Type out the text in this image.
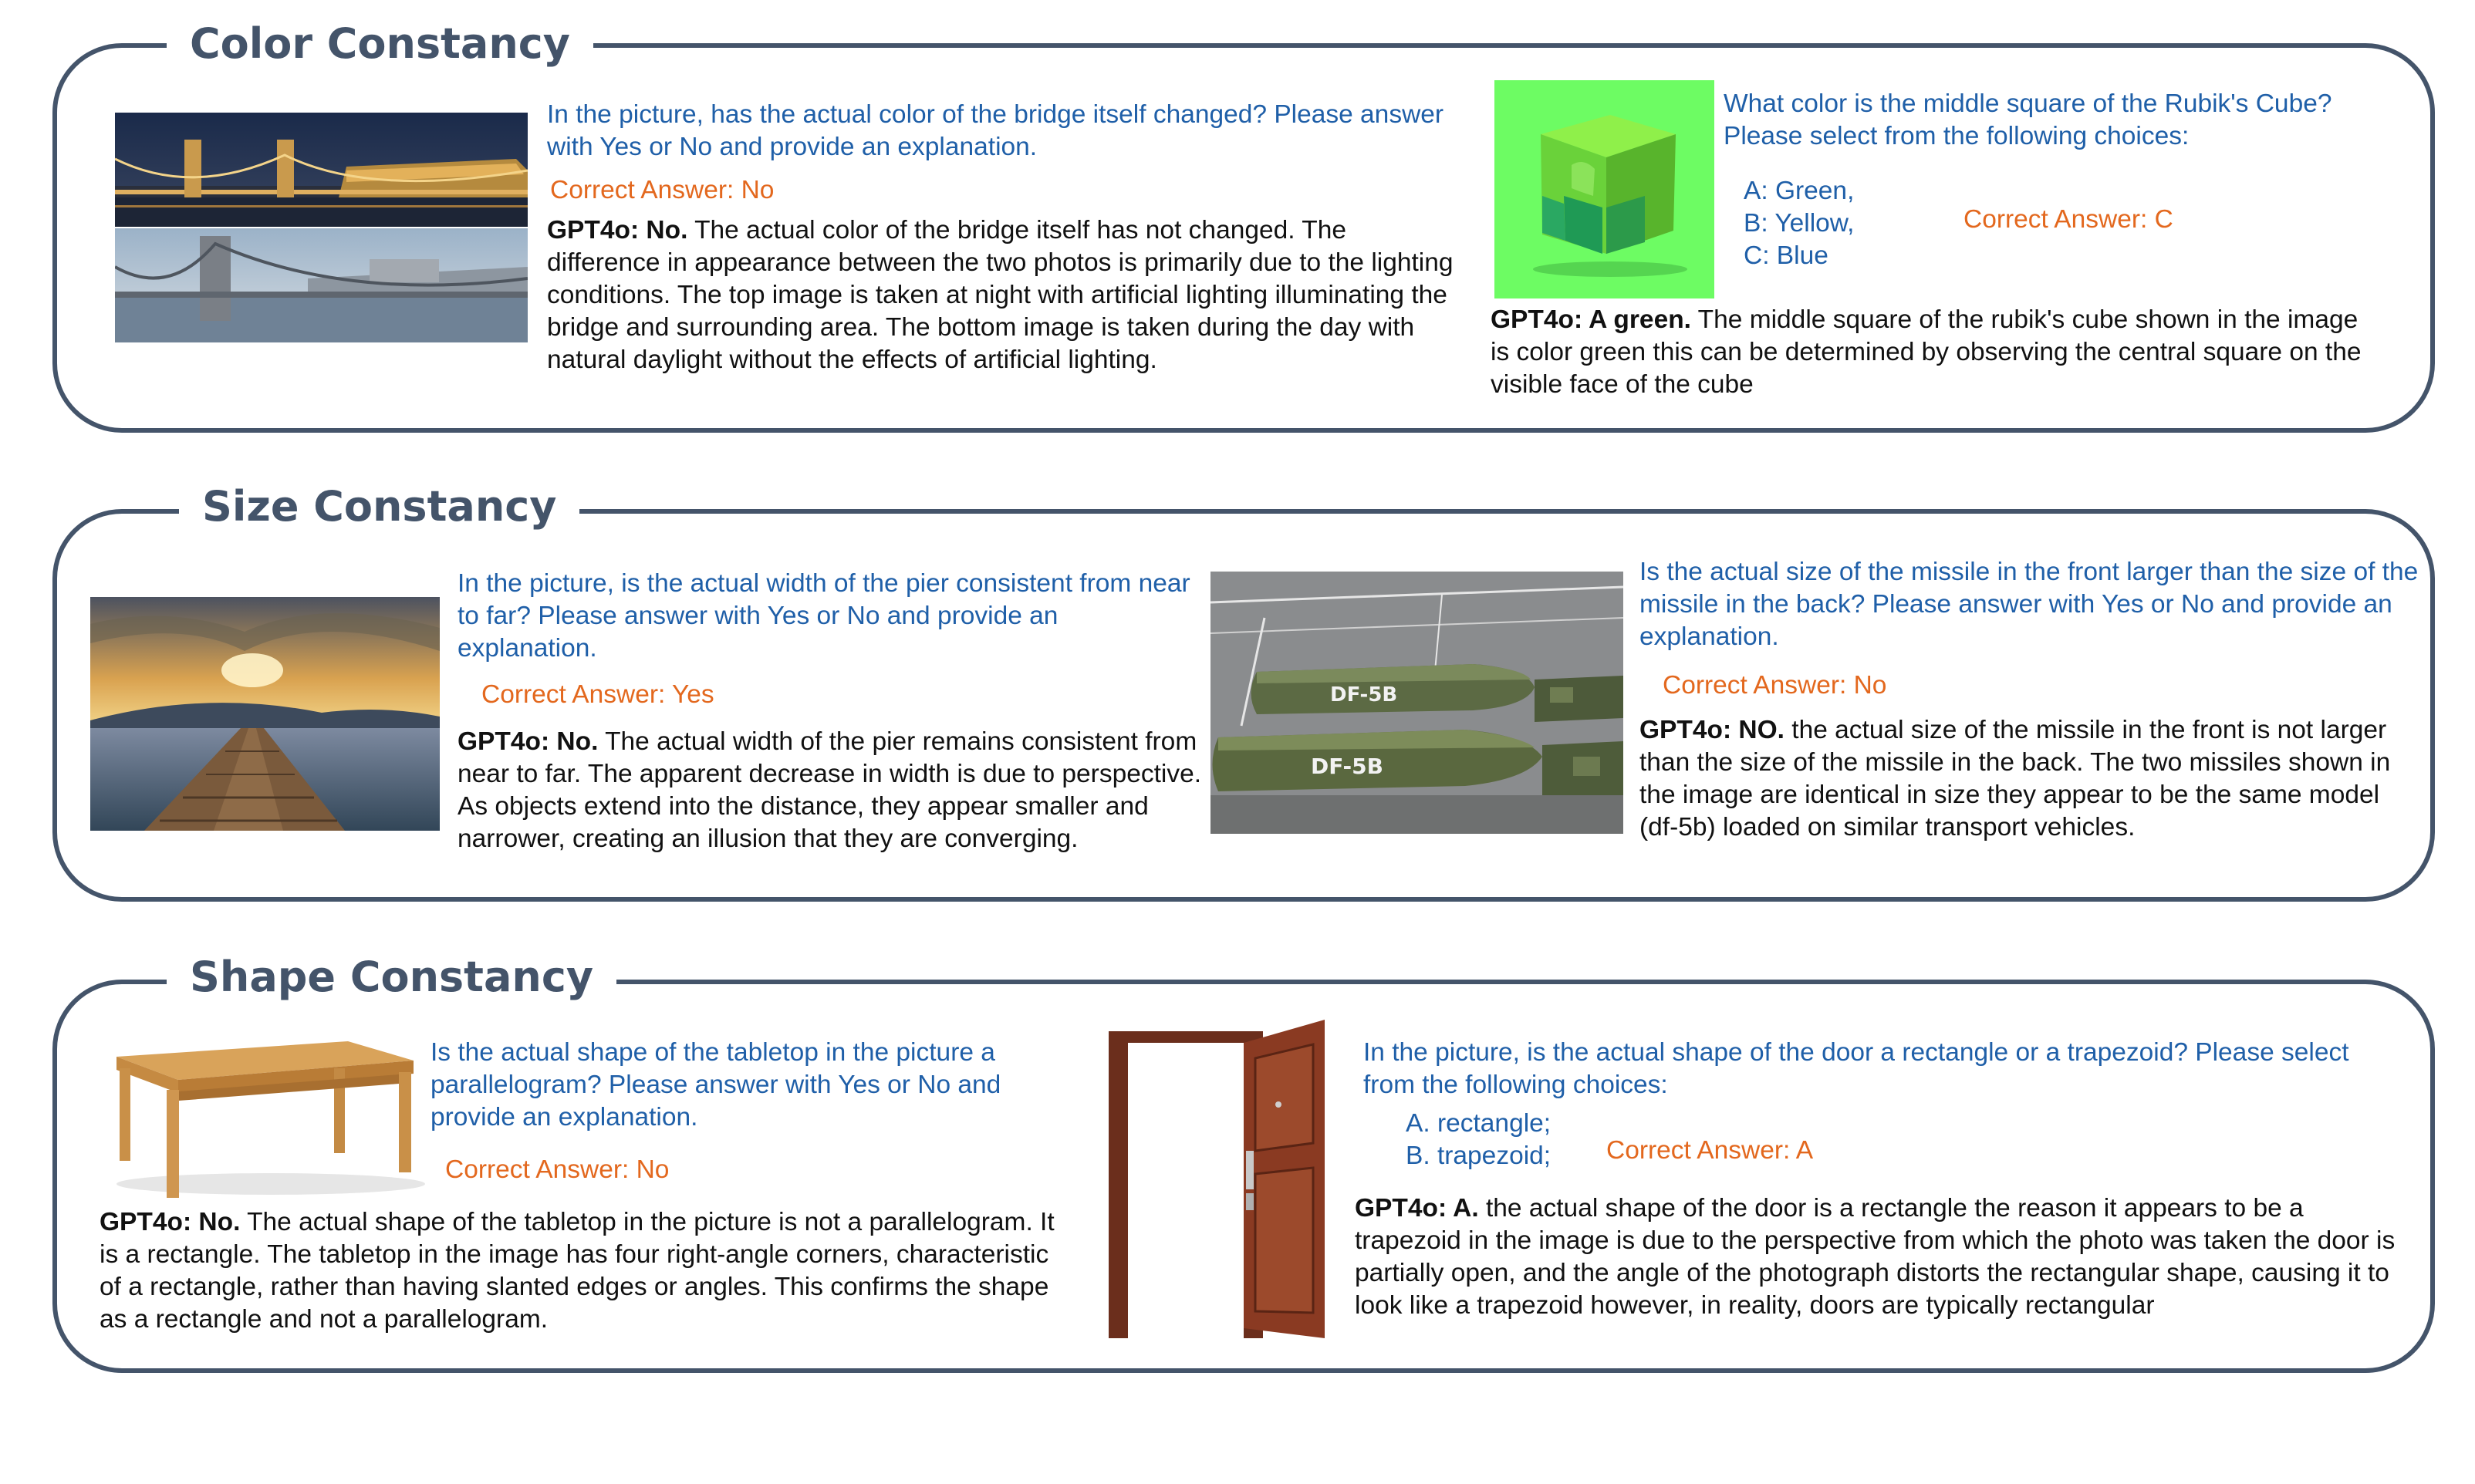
Color Constancy
In the picture, has the actual color of the bridge itself changed? Please answer with Yes or No and provide an explanation.
Correct Answer: No
GPT4o: No. The actual color of the bridge itself has not changed. The difference in appearance between the two photos is primarily due to the lighting conditions. The top image is taken at night with artificial lighting illuminating the bridge and surrounding area. The bottom image is taken during the day with natural daylight without the effects of artificial lighting.
What color is the middle square of the Rubik's Cube? Please select from the following choices:
A: Green,
B: Yellow,
C: Blue
Correct Answer: C
GPT4o: A green. The middle square of the rubik's cube shown in the image is color green this can be determined by observing the central square on the visible face of the cube
Size Constancy
In the picture, is the actual width of the pier consistent from near to far? Please answer with Yes or No and provide an explanation.
Correct Answer: Yes
GPT4o: No. The actual width of the pier remains consistent from near to far. The apparent decrease in width is due to perspective. As objects extend into the distance, they appear smaller and narrower, creating an illusion that they are converging.
DF-5B
DF-5B
Is the actual size of the missile in the front larger than the size of the missile in the back? Please answer with Yes or No and provide an explanation.
Correct Answer: No
GPT4o: NO. the actual size of the missile in the front is not larger than the size of the missile in the back. The two missiles shown in the image are identical in size they appear to be the same model (df-5b) loaded on similar transport vehicles.
Shape Constancy
Is the actual shape of the tabletop in the picture a parallelogram? Please answer with Yes or No and provide an explanation.
Correct Answer: No
GPT4o: No. The actual shape of the tabletop in the picture is not a parallelogram. It is a rectangle. The tabletop in the image has four right-angle corners, characteristic of a rectangle, rather than having slanted edges or angles. This confirms the shape as a rectangle and not a parallelogram.
In the picture, is the actual shape of the door a rectangle or a trapezoid? Please select from the following choices:
A. rectangle;
B. trapezoid; Correct Answer: A
GPT4o: A. the actual shape of the door is a rectangle the reason it appears to be a trapezoid in the image is due to the perspective from which the photo was taken the door is partially open, and the angle of the photograph distorts the rectangular shape, causing it to look like a trapezoid however, in reality, doors are typically rectangular
